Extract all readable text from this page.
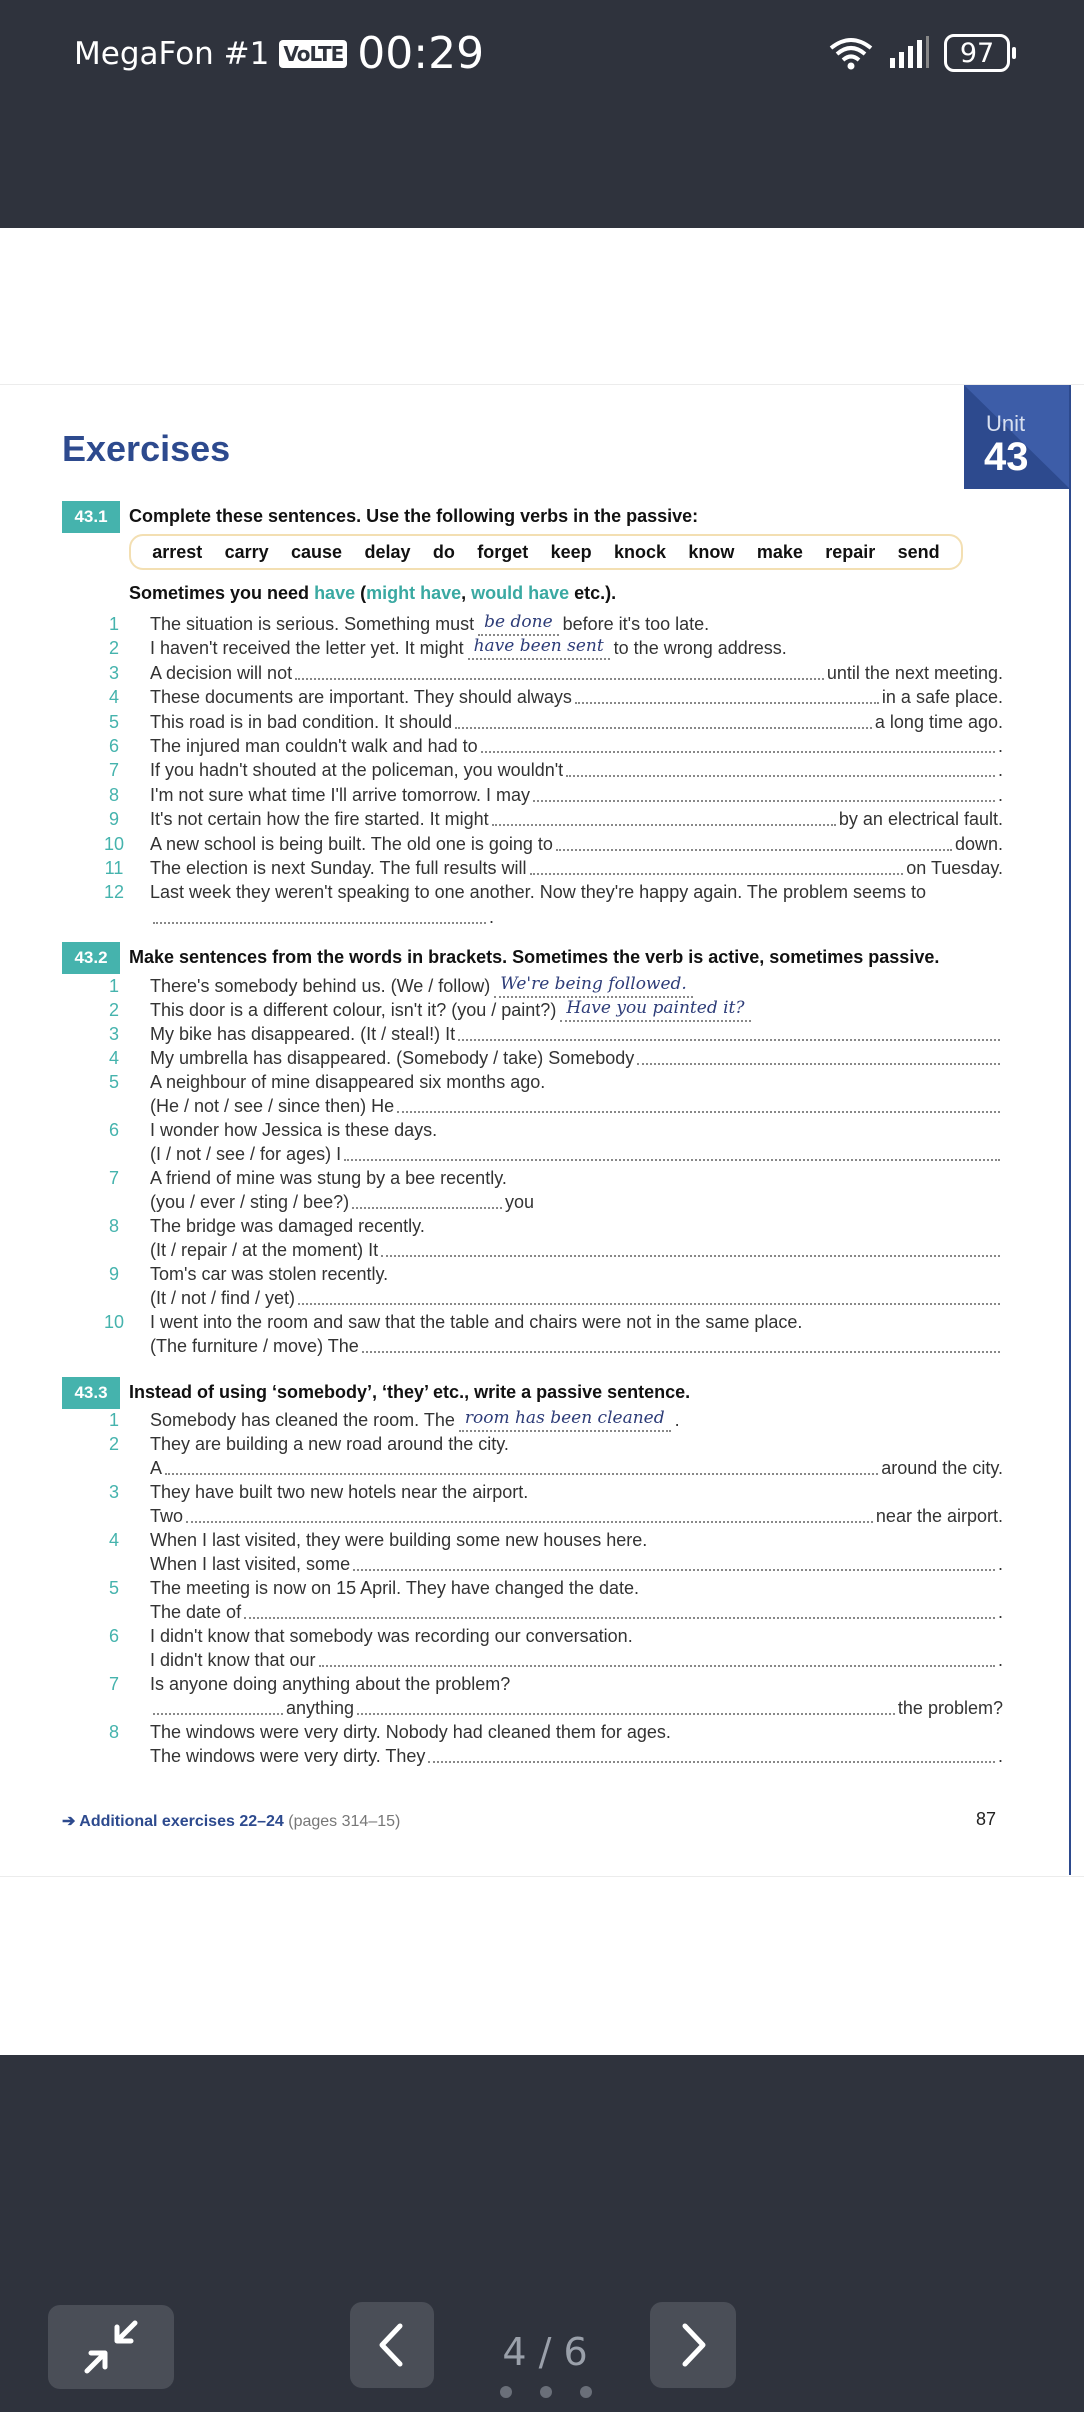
MegaFon #1 VoLTE 00:29	97
Unit
43
Exercises
43.1	Complete these sentences. Use the following verbs in the passive:
arrest carry cause delay do forget keep knock know make repair send
Sometimes you need have (might have, would have etc.).
1	The situation is serious. Something must be done before it's too late.
2	I haven't received the letter yet. It might have been sent to the wrong address.
3	A decision will not	until the next meeting.
4	These documents are important. They should always	in a safe place.
5	This road is in bad condition. It should	a long time ago.
6	The injured man couldn't walk and had to	.
7	If you hadn't shouted at the policeman, you wouldn't	.
8	I'm not sure what time I'll arrive tomorrow. I may	.
9	It's not certain how the fire started. It might	by an electrical fault.
10	A new school is being built. The old one is going to	down.
11	The election is next Sunday. The full results will	on Tuesday.
12	Last week they weren't speaking to one another. Now they're happy again. The problem seems to
.
43.2	Make sentences from the words in brackets. Sometimes the verb is active, sometimes passive.
1	There's somebody behind us. (We / follow) We're being followed.
2	This door is a different colour, isn't it? (you / paint?) Have you painted it?
3	My bike has disappeared. (It / steal!) It
4	My umbrella has disappeared. (Somebody / take) Somebody
5	A neighbour of mine disappeared six months ago.
(He / not / see / since then) He
6	I wonder how Jessica is these days.
(I / not / see / for ages) I
7	A friend of mine was stung by a bee recently.
(you / ever / sting / bee?)	you
8	The bridge was damaged recently.
(It / repair / at the moment) It
9	Tom's car was stolen recently.
(It / not / find / yet)
10	I went into the room and saw that the table and chairs were not in the same place.
(The furniture / move) The
43.3	Instead of using ‘somebody’, ‘they’ etc., write a passive sentence.
1	Somebody has cleaned the room. The room has been cleaned .
2	They are building a new road around the city.
A	around the city.
3	They have built two new hotels near the airport.
Two	near the airport.
4	When I last visited, they were building some new houses here.
When I last visited, some	.
5	The meeting is now on 15 April. They have changed the date.
The date of	.
6	I didn't know that somebody was recording our conversation.
I didn't know that our	.
7	Is anyone doing anything about the problem?
anything	the problem?
8	The windows were very dirty. Nobody had cleaned them for ages.
The windows were very dirty. They	.
➔ Additional exercises 22–24 (pages 314–15)	87
4 / 6
